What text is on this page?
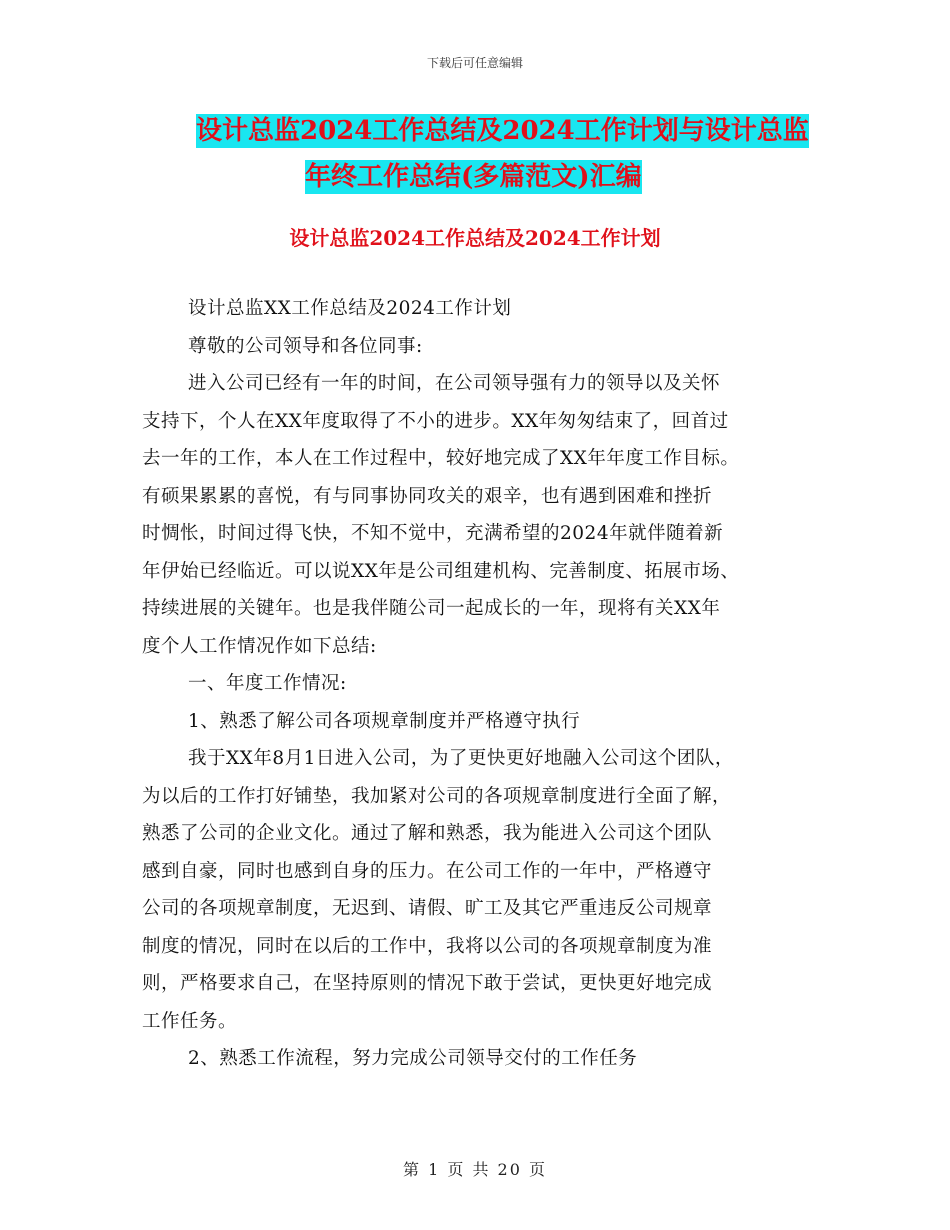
下载后可任意编辑
设计总监2024工作总结及2024工作计划与设计总监
年终工作总结(多篇范文)汇编
设计总监2024工作总结及2024工作计划
设计总监XX工作总结及2024工作计划
尊敬的公司领导和各位同事:
进入公司已经有一年的时间，在公司领导强有力的领导以及关怀
支持下，个人在XX年度取得了不小的进步。XX年匆匆结束了，回首过
去一年的工作，本人在工作过程中，较好地完成了XX年年度工作目标。
有硕果累累的喜悦，有与同事协同攻关的艰辛，也有遇到困难和挫折
时惆怅，时间过得飞快，不知不觉中，充满希望的2024年就伴随着新
年伊始已经临近。可以说XX年是公司组建机构、完善制度、拓展市场、
持续进展的关键年。也是我伴随公司一起成长的一年，现将有关XX年
度个人工作情况作如下总结:
一、年度工作情况:
1、熟悉了解公司各项规章制度并严格遵守执行
我于XX年8月1日进入公司，为了更快更好地融入公司这个团队，
为以后的工作打好铺垫，我加紧对公司的各项规章制度进行全面了解，
熟悉了公司的企业文化。通过了解和熟悉，我为能进入公司这个团队
感到自豪，同时也感到自身的压力。在公司工作的一年中，严格遵守
公司的各项规章制度，无迟到、请假、旷工及其它严重违反公司规章
制度的情况，同时在以后的工作中，我将以公司的各项规章制度为准
则，严格要求自己，在坚持原则的情况下敢于尝试，更快更好地完成
工作任务。
2、熟悉工作流程，努力完成公司领导交付的工作任务
第 1 页 共 20 页
